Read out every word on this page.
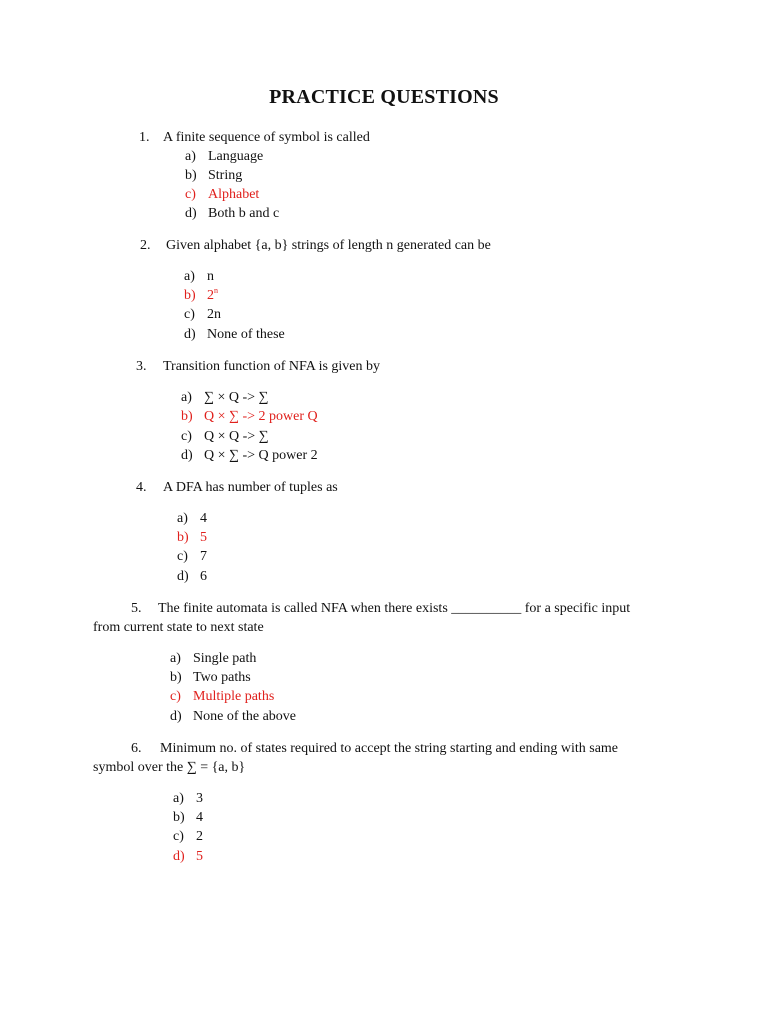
PRACTICE QUESTIONS
1. A finite sequence of symbol is called
a) Language
b) String
c) Alphabet
d) Both b and c
2. Given alphabet {a, b} strings of length n generated can be
a) n
b) 2$^n$
c) 2n
d) None of these
3. Transition function of NFA is given by
a) ∑ × Q -> ∑
b) Q × ∑ -> 2 power Q
c) Q × Q -> ∑
d) Q × ∑ -> Q power 2
4. A DFA has number of tuples as
a) 4
b) 5
c) 7
d) 6
5. The finite automata is called NFA when there exists __________ for a specific input
from current state to next state
a) Single path
b) Two paths
c) Multiple paths
d) None of the above
6. Minimum no. of states required to accept the string starting and ending with same
symbol over the ∑ = {a, b}
a) 3
b) 4
c) 2
d) 5
